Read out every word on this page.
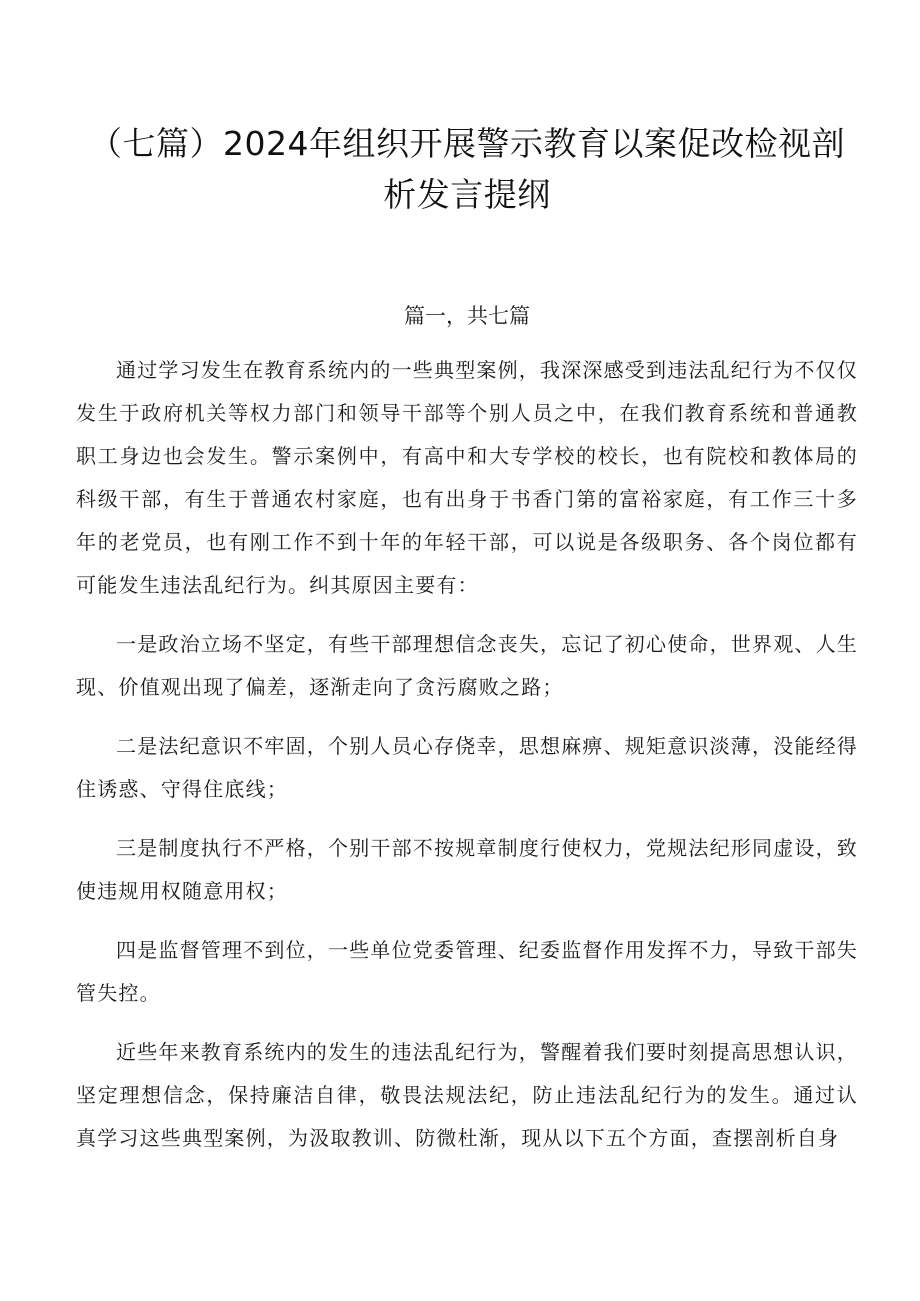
（七篇）2024年组织开展警示教育以案促改检视剖
析发言提纲
篇一，共七篇

通过学习发生在教育系统内的一些典型案例，我深深感受到违法乱纪行为不仅仅发生于政府机关等权力部门和领导干部等个别人员之中，在我们教育系统和普通教职工身边也会发生。警示案例中，有高中和大专学校的校长，也有院校和教体局的科级干部，有生于普通农村家庭，也有出身于书香门第的富裕家庭，有工作三十多年的老党员，也有刚工作不到十年的年轻干部，可以说是各级职务、各个岗位都有可能发生违法乱纪行为。纠其原因主要有：

一是政治立场不坚定，有些干部理想信念丧失，忘记了初心使命，世界观、人生现、价值观出现了偏差，逐渐走向了贪污腐败之路；

二是法纪意识不牢固，个别人员心存侥幸，思想麻痹、规矩意识淡薄，没能经得住诱惑、守得住底线；

三是制度执行不严格，个别干部不按规章制度行使权力，党规法纪形同虚设，致使违规用权随意用权；

四是监督管理不到位，一些单位党委管理、纪委监督作用发挥不力，导致干部失管失控。

近些年来教育系统内的发生的违法乱纪行为，警醒着我们要时刻提高思想认识，坚定理想信念，保持廉洁自律，敬畏法规法纪，防止违法乱纪行为的发生。通过认真学习这些典型案例，为汲取教训、防微杜渐，现从以下五个方面，查摆剖析自身
